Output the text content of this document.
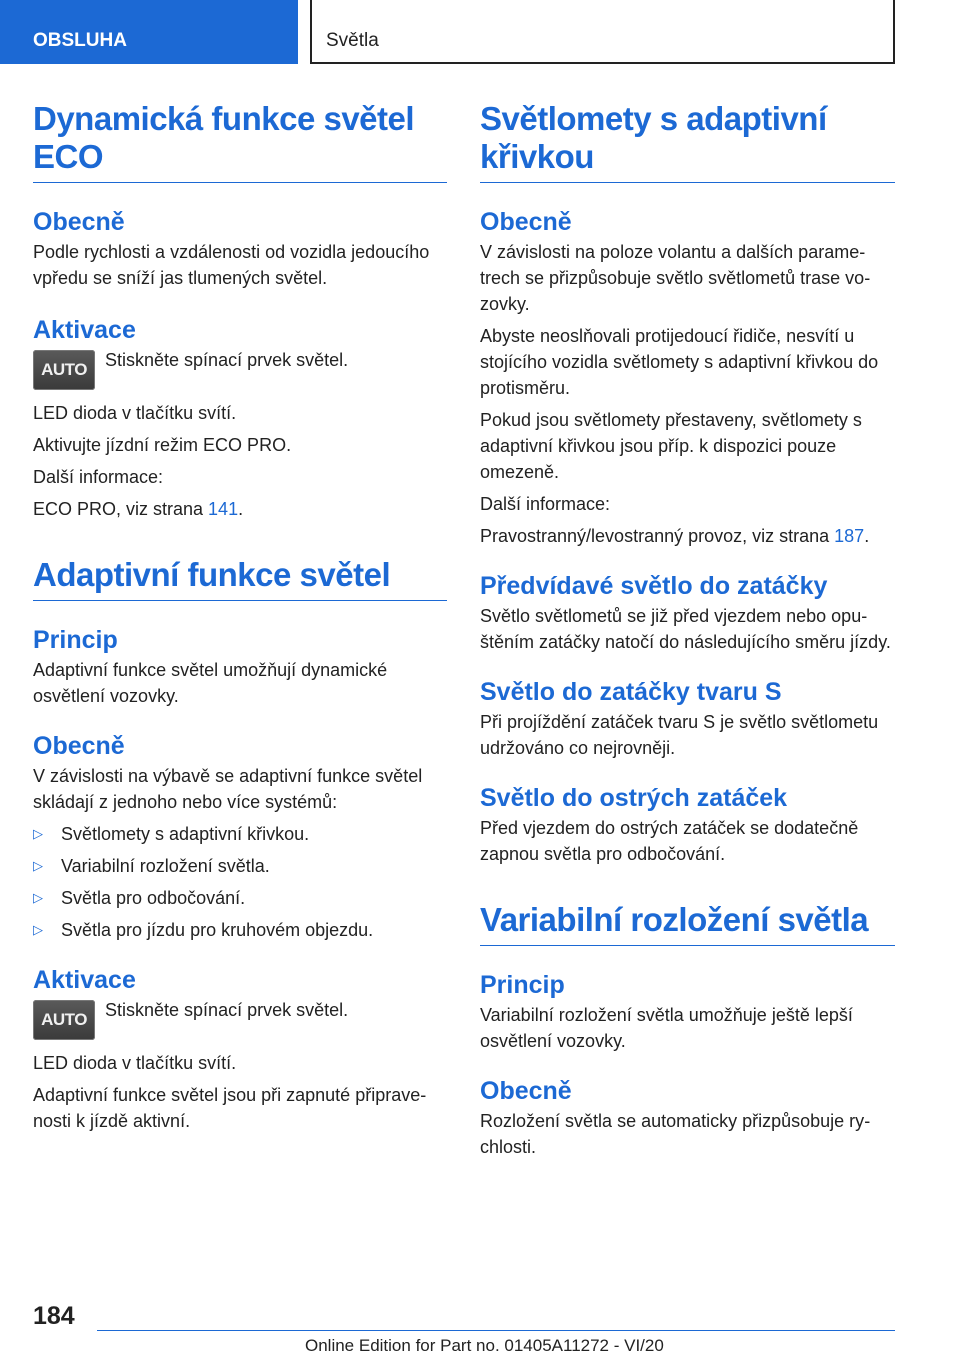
OBSLUHA	Světla
Dynamická funkce světel ECO
Obecně

Podle rychlosti a vzdálenosti od vozidla jedoucího vpředu se sníží jas tlumených světel.

Aktivace
AUTO	Stiskněte spínací prvek světel.

LED dioda v tlačítku svítí.

Aktivujte jízdní režim ECO PRO.

Další informace:

ECO PRO, viz strana 141.

Adaptivní funkce světel
Princip

Adaptivní funkce světel umožňují dynamické osvětlení vozovky.

Obecně

V závislosti na výbavě se adaptivní funkce světel skládají z jednoho nebo více systémů:

▷	Světlomety s adaptivní křivkou.
▷	Variabilní rozložení světla.
▷	Světla pro odbočování.
▷	Světla pro jízdu pro kruhovém objezdu.
Aktivace
AUTO	Stiskněte spínací prvek světel.

LED dioda v tlačítku svítí.

Adaptivní funkce světel jsou při zapnuté připravenosti k jízdě aktivní.

Světlomety s adaptivní křivkou
Obecně

V závislosti na poloze volantu a dalších parametrech se přizpůsobuje světlo světlometů trase vozovky.

Abyste neoslňovali protijedoucí řidiče, nesvítí u stojícího vozidla světlomety s adaptivní křivkou do protisměru.

Pokud jsou světlomety přestaveny, světlomety s adaptivní křivkou jsou příp. k dispozici pouze omezeně.

Další informace:

Pravostranný/levostranný provoz, viz strana 187.

Předvídavé světlo do zatáčky

Světlo světlometů se již před vjezdem nebo opuštěním zatáčky natočí do následujícího směru jízdy.

Světlo do zatáčky tvaru S

Při projíždění zatáček tvaru S je světlo světlometu udržováno co nejrovněji.

Světlo do ostrých zatáček

Před vjezdem do ostrých zatáček se dodatečně zapnou světla pro odbočování.

Variabilní rozložení světla
Princip

Variabilní rozložení světla umožňuje ještě lepší osvětlení vozovky.

Obecně

Rozložení světla se automaticky přizpůsobuje rychlosti.

184
Online Edition for Part no. 01405A11272 - VI/20
